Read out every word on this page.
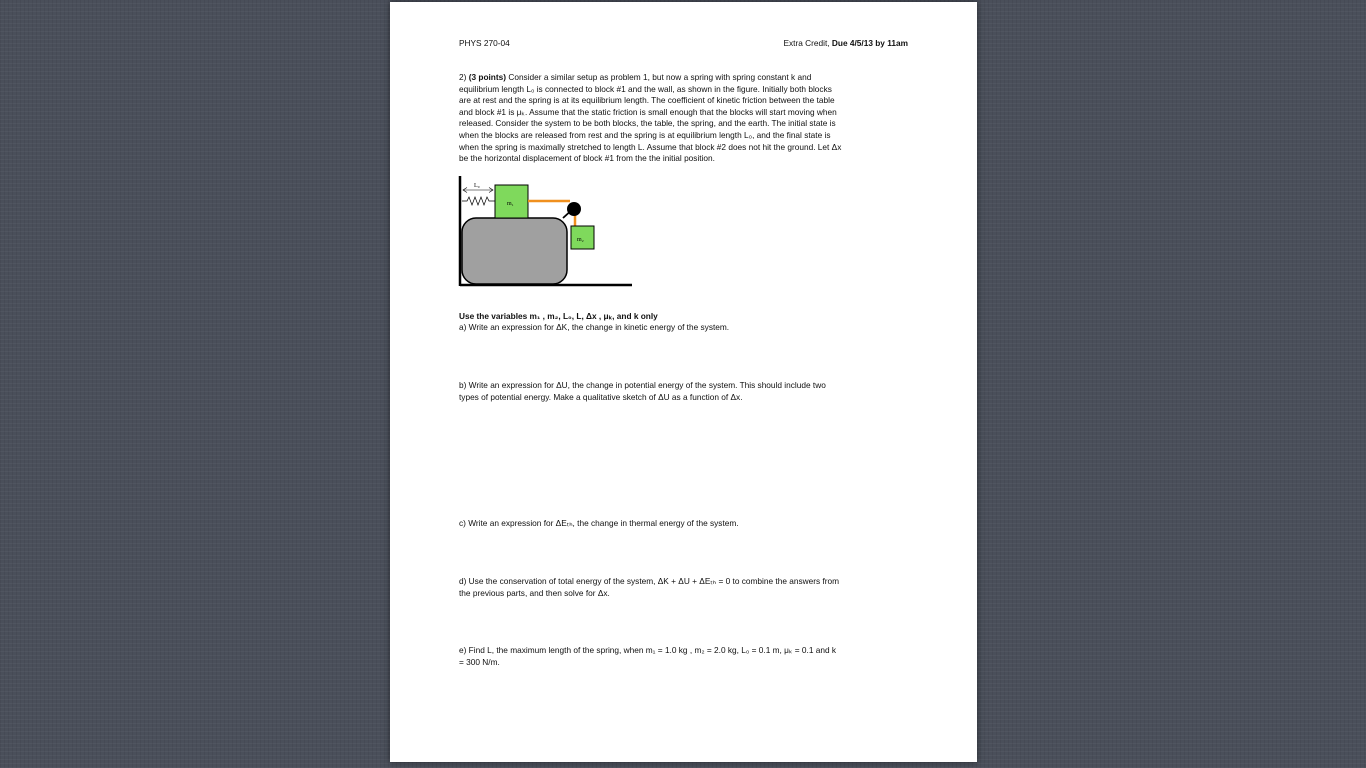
PHYS 270-04	Extra Credit, Due 4/5/13 by 11am

2) (3 points) Consider a similar setup as problem 1, but now a spring with spring constant k and

equilibrium length L₀ is connected to block #1 and the wall, as shown in the figure. Initially both blocks

are at rest and the spring is at its equilibrium length. The coefficient of kinetic friction between the table

and block #1 is μₖ. Assume that the static friction is small enough that the blocks will start moving when

released. Consider the system to be both blocks, the table, the spring, and the earth. The initial state is

when the blocks are released from rest and the spring is at equilibrium length L₀, and the final state is

when the spring is maximally stretched to length L. Assume that block #2 does not hit the ground. Let Δx

be the horizontal displacement of block #1 from the the initial position.

L₀
m₁
m₂
Use the variables m₁ , m₂, L₀, L, Δx , μₖ, and k only
a) Write an expression for ΔK, the change in kinetic energy of the system.
b) Write an expression for ΔU, the change in potential energy of the system. This should include two
types of potential energy. Make a qualitative sketch of ΔU as a function of Δx.
c) Write an expression for ΔEₜₕ, the change in thermal energy of the system.
d) Use the conservation of total energy of the system, ΔK + ΔU + ΔEₜₕ = 0 to combine the answers from
the previous parts, and then solve for Δx.
e) Find L, the maximum length of the spring, when m₁ = 1.0 kg , m₂ = 2.0 kg, L₀ = 0.1 m, μₖ = 0.1 and k
= 300 N/m.
